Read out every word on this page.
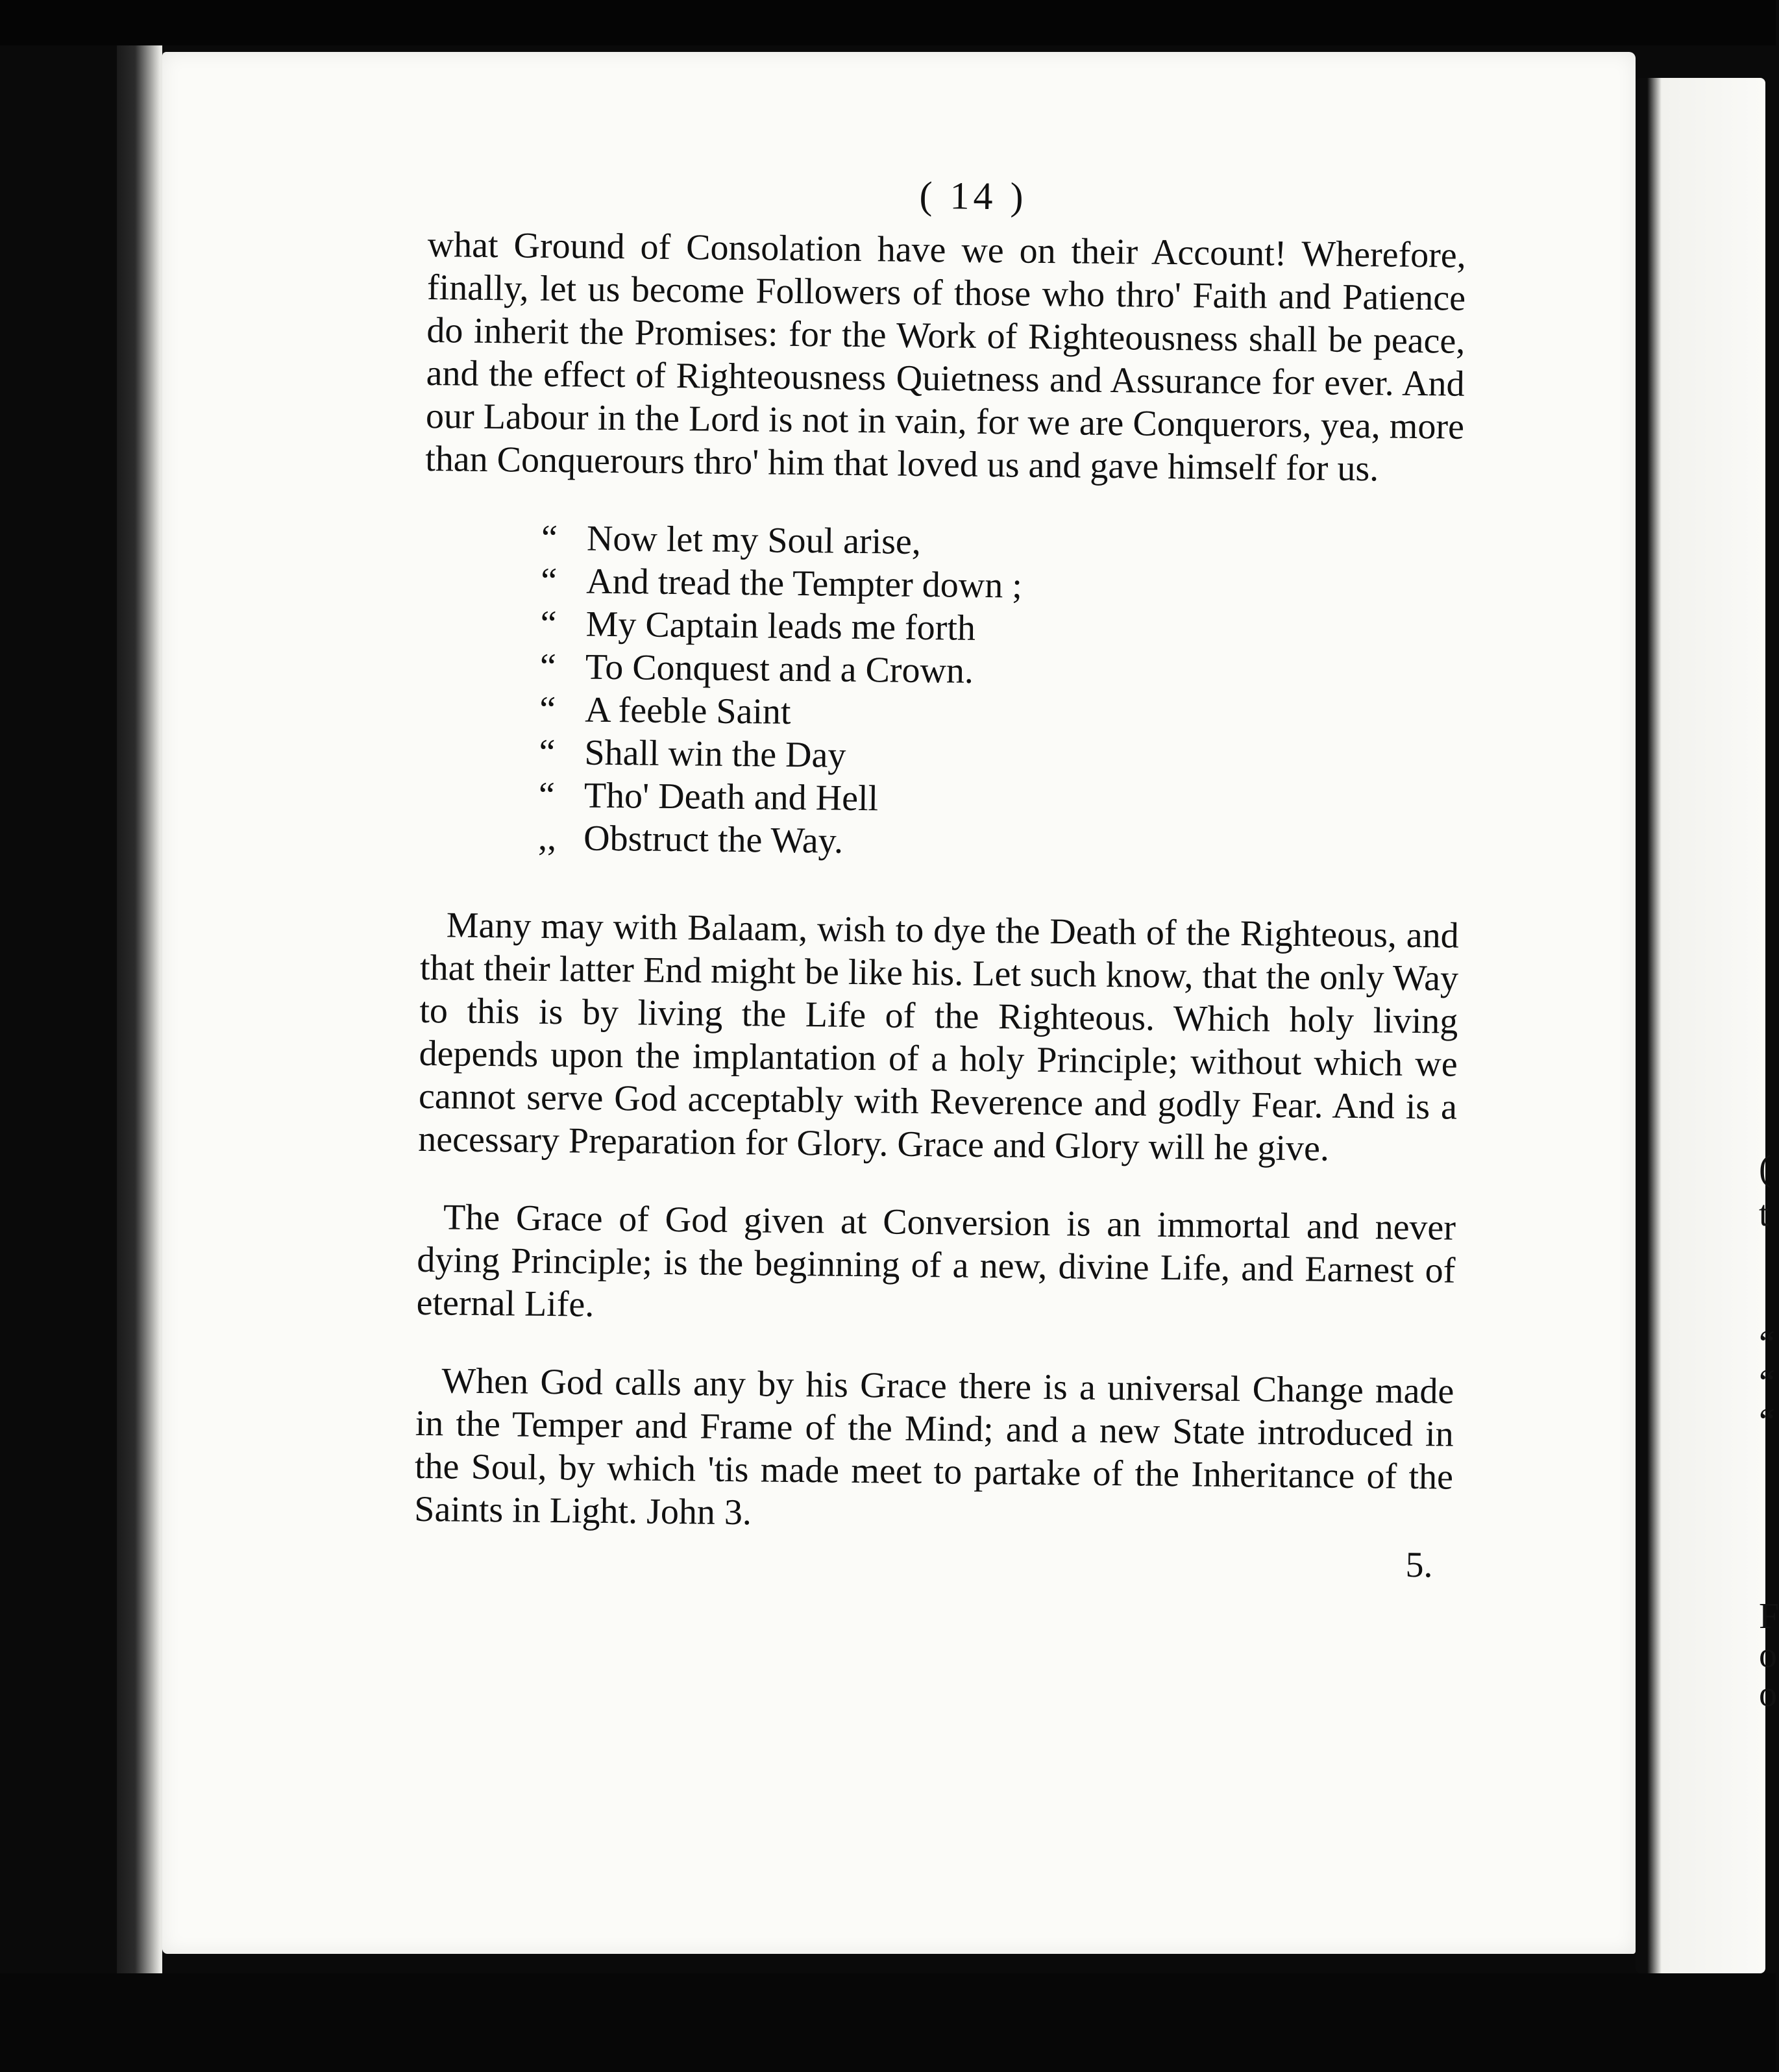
(
t
“
“
“
F
o
o
( 14 )

what Ground of Consolation have we on their Account! Wherefore, finally, let us become Followers of those who thro' Faith and Patience do inherit the Promises: for the Work of Righteousness shall be peace, and the effect of Righteousness Quietness and Assurance for ever. And our Labour in the Lord is not in vain, for we are Conquerors, yea, more than Conquerours thro' him that loved us and gave himself for us.

“ Now let my Soul arise,
“ And tread the Tempter down ;
“ My Captain leads me forth
“ To Conquest and a Crown.
“ A feeble Saint
“ Shall win the Day
“ Tho' Death and Hell
,, Obstruct the Way.

Many may with Balaam, wish to dye the Death of the Righteous, and that their latter End might be like his. Let such know, that the only Way to this is by living the Life of the Righteous. Which holy living depends upon the implantation of a holy Principle; without which we cannot serve God acceptably with Reverence and godly Fear. And is a necessary Preparation for Glory. Grace and Glory will he give.

The Grace of God given at Conversion is an immortal and never dying Principle; is the beginning of a new, divine Life, and Earnest of eternal Life.

When God calls any by his Grace there is a universal Change made in the Temper and Frame of the Mind; and a new State introduced in the Soul, by which 'tis made meet to partake of the Inheritance of the Saints in Light. John 3.

5.
